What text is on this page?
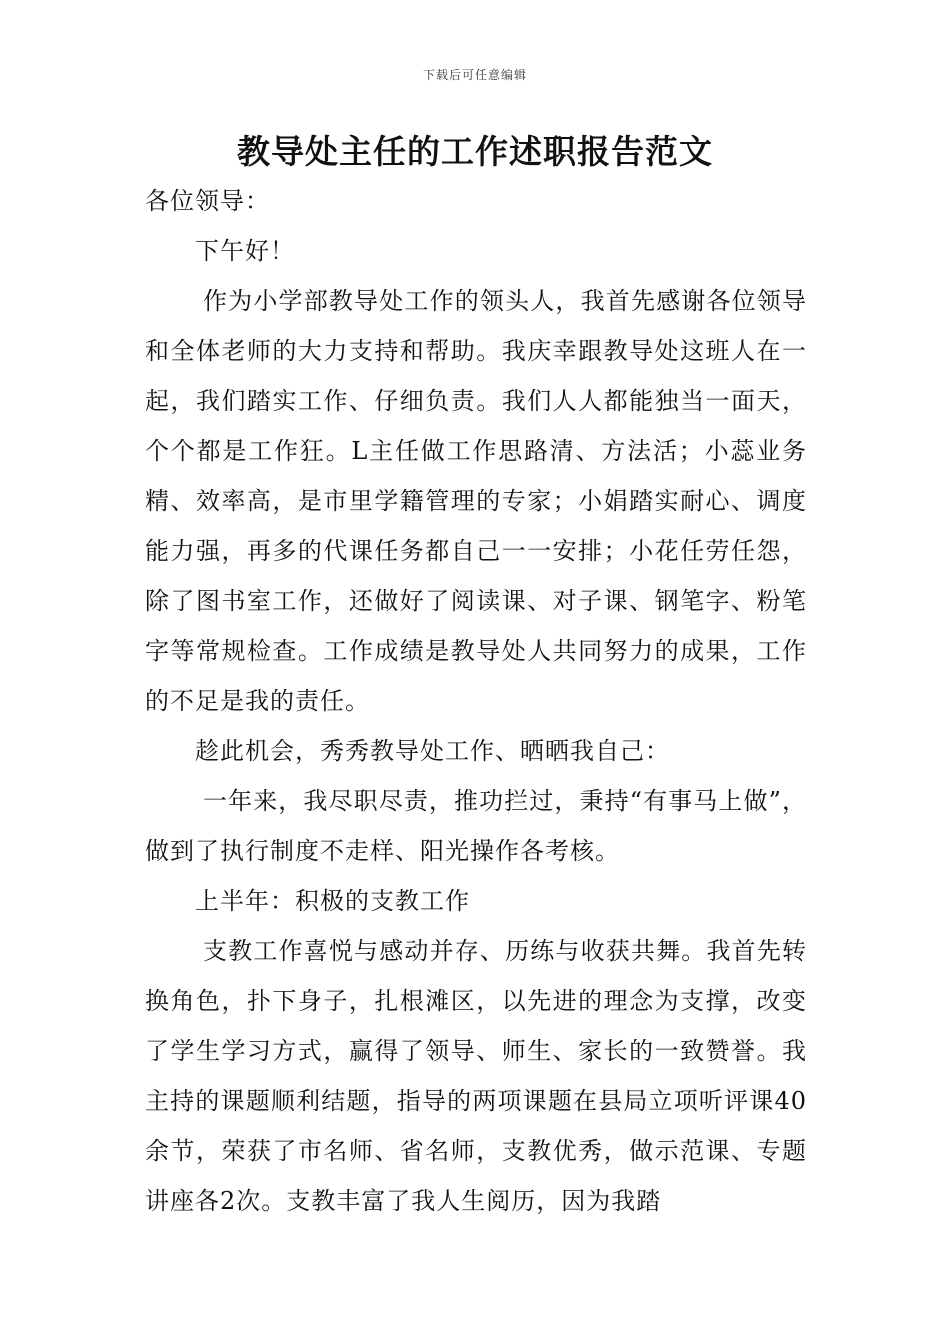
下载后可任意编辑
教导处主任的工作述职报告范文

各位领导：

下午好！

作为小学部教导处工作的领头人，我首先感谢各位领导和全体老师的大力支持和帮助。我庆幸跟教导处这班人在一起，我们踏实工作、仔细负责。我们人人都能独当一面天，个个都是工作狂。L主任做工作思路清、方法活；小蕊业务精、效率高，是市里学籍管理的专家；小娟踏实耐心、调度能力强，再多的代课任务都自己一一安排；小花任劳任怨，除了图书室工作，还做好了阅读课、对子课、钢笔字、粉笔字等常规检查。工作成绩是教导处人共同努力的成果，工作的不足是我的责任。

趁此机会，秀秀教导处工作、晒晒我自己：

一年来，我尽职尽责，推功拦过，秉持“有事马上做”，做到了执行制度不走样、阳光操作各考核。

上半年：积极的支教工作

支教工作喜悦与感动并存、历练与收获共舞。我首先转换角色，扑下身子，扎根滩区，以先进的理念为支撑，改变了学生学习方式，赢得了领导、师生、家长的一致赞誉。我主持的课题顺利结题，指导的两项课题在县局立项听评课40余节，荣获了市名师、省名师，支教优秀，做示范课、专题讲座各2次。支教丰富了我人生阅历，因为我踏
